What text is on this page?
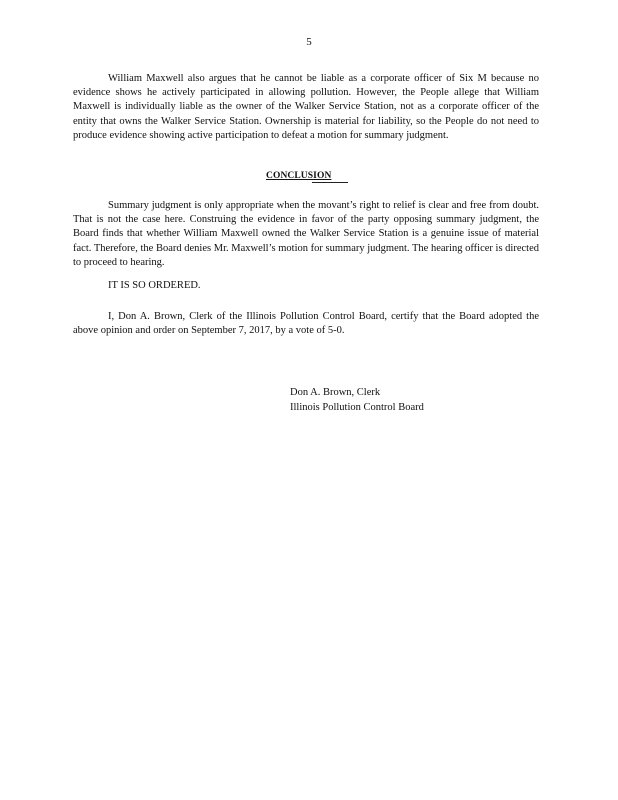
5

William Maxwell also argues that he cannot be liable as a corporate officer of Six M because no evidence shows he actively participated in allowing pollution. However, the People allege that William Maxwell is individually liable as the owner of the Walker Service Station, not as a corporate officer of the entity that owns the Walker Service Station. Ownership is material for liability, so the People do not need to produce evidence showing active participation to defeat a motion for summary judgment.

CONCLUSION

Summary judgment is only appropriate when the movant’s right to relief is clear and free from doubt. That is not the case here. Construing the evidence in favor of the party opposing summary judgment, the Board finds that whether William Maxwell owned the Walker Service Station is a genuine issue of material fact. Therefore, the Board denies Mr. Maxwell’s motion for summary judgment. The hearing officer is directed to proceed to hearing.

IT IS SO ORDERED.

I, Don A. Brown, Clerk of the Illinois Pollution Control Board, certify that the Board adopted the above opinion and order on September 7, 2017, by a vote of 5-0.

Don A. Brown, Clerk
Illinois Pollution Control Board
